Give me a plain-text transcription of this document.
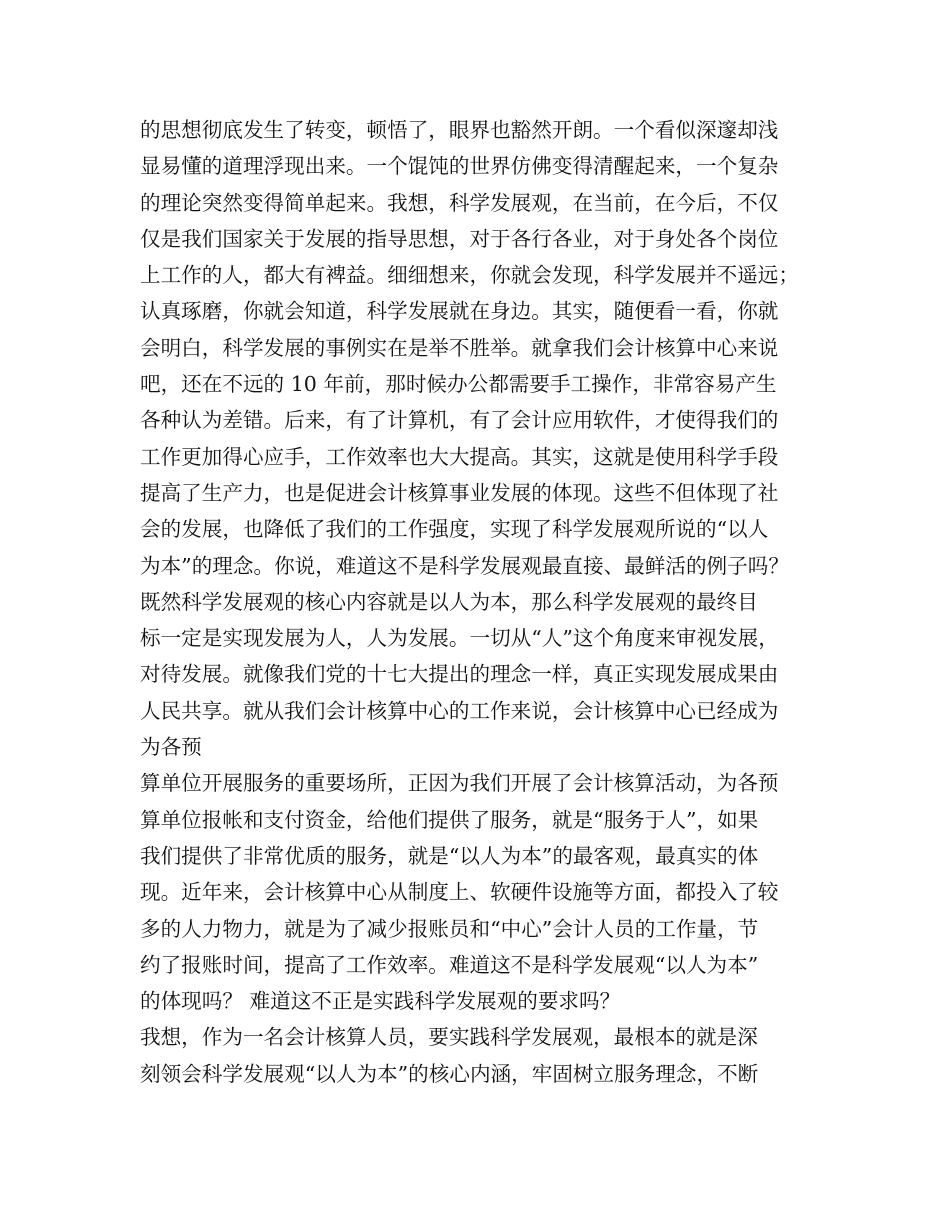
的思想彻底发生了转变，顿悟了，眼界也豁然开朗。一个看似深邃却浅
显易懂的道理浮现出来。一个馄饨的世界仿佛变得清醒起来，一个复杂
的理论突然变得简单起来。我想，科学发展观，在当前，在今后，不仅
仅是我们国家关于发展的指导思想，对于各行各业，对于身处各个岗位
上工作的人，都大有裨益。细细想来，你就会发现，科学发展并不遥远；
认真琢磨，你就会知道，科学发展就在身边。其实，随便看一看，你就
会明白，科学发展的事例实在是举不胜举。就拿我们会计核算中心来说
吧，还在不远的 10 年前，那时候办公都需要手工操作，非常容易产生
各种认为差错。后来，有了计算机，有了会计应用软件，才使得我们的
工作更加得心应手，工作效率也大大提高。其实，这就是使用科学手段
提高了生产力，也是促进会计核算事业发展的体现。这些不但体现了社
会的发展，也降低了我们的工作强度，实现了科学发展观所说的“以人
为本”的理念。你说，难道这不是科学发展观最直接、最鲜活的例子吗？
既然科学发展观的核心内容就是以人为本，那么科学发展观的最终目
标一定是实现发展为人，人为发展。一切从“人”这个角度来审视发展，
对待发展。就像我们党的十七大提出的理念一样，真正实现发展成果由
人民共享。就从我们会计核算中心的工作来说，会计核算中心已经成为
为各预
算单位开展服务的重要场所，正因为我们开展了会计核算活动，为各预
算单位报帐和支付资金，给他们提供了服务，就是“服务于人”，如果
我们提供了非常优质的服务，就是“以人为本”的最客观，最真实的体
现。近年来，会计核算中心从制度上、软硬件设施等方面，都投入了较
多的人力物力，就是为了减少报账员和“中心”会计人员的工作量，节
约了报账时间，提高了工作效率。难道这不是科学发展观“以人为本”
的体现吗？ 难道这不正是实践科学发展观的要求吗？
我想，作为一名会计核算人员，要实践科学发展观，最根本的就是深
刻领会科学发展观“以人为本”的核心内涵，牢固树立服务理念，不断
